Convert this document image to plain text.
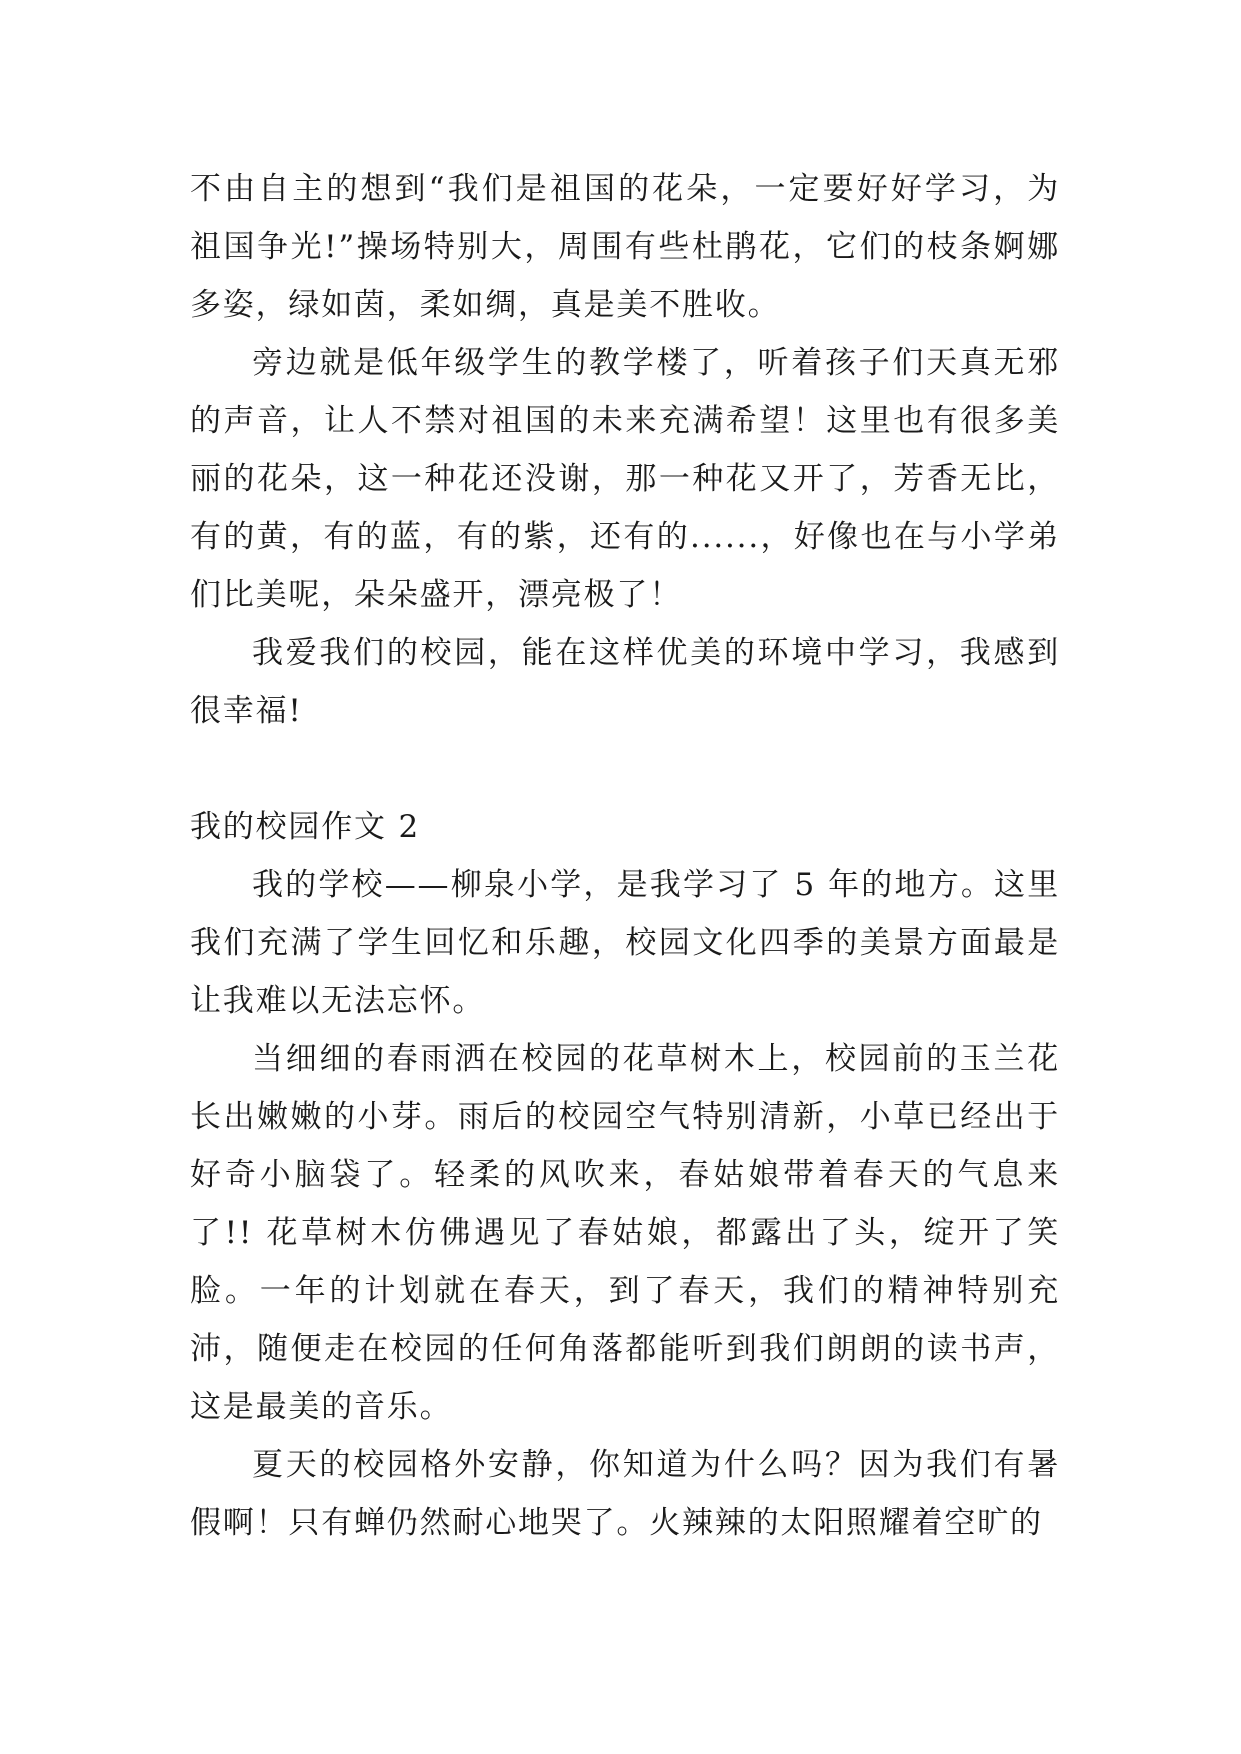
不由自主的想到“我们是祖国的花朵，一定要好好学习，为祖国争光!”操场特别大，周围有些杜鹃花，它们的枝条婀娜多姿，绿如茵，柔如绸，真是美不胜收。

旁边就是低年级学生的教学楼了，听着孩子们天真无邪的声音，让人不禁对祖国的未来充满希望！这里也有很多美丽的花朵，这一种花还没谢，那一种花又开了，芳香无比，有的黄，有的蓝，有的紫，还有的......，好像也在与小学弟们比美呢，朵朵盛开，漂亮极了！

我爱我们的校园，能在这样优美的环境中学习，我感到很幸福!

我的校园作文 2

我的学校——柳泉小学，是我学习了 5 年的地方。这里我们充满了学生回忆和乐趣，校园文化四季的美景方面最是让我难以无法忘怀。

当细细的春雨洒在校园的花草树木上，校园前的玉兰花长出嫩嫩的小芽。雨后的校园空气特别清新，小草已经出于好奇小脑袋了。轻柔的风吹来，春姑娘带着春天的气息来了!! 花草树木仿佛遇见了春姑娘，都露出了头，绽开了笑脸。一年的计划就在春天，到了春天，我们的精神特别充沛，随便走在校园的任何角落都能听到我们朗朗的读书声，这是最美的音乐。

夏天的校园格外安静，你知道为什么吗？因为我们有暑假啊！只有蝉仍然耐心地哭了。火辣辣的太阳照耀着空旷的
